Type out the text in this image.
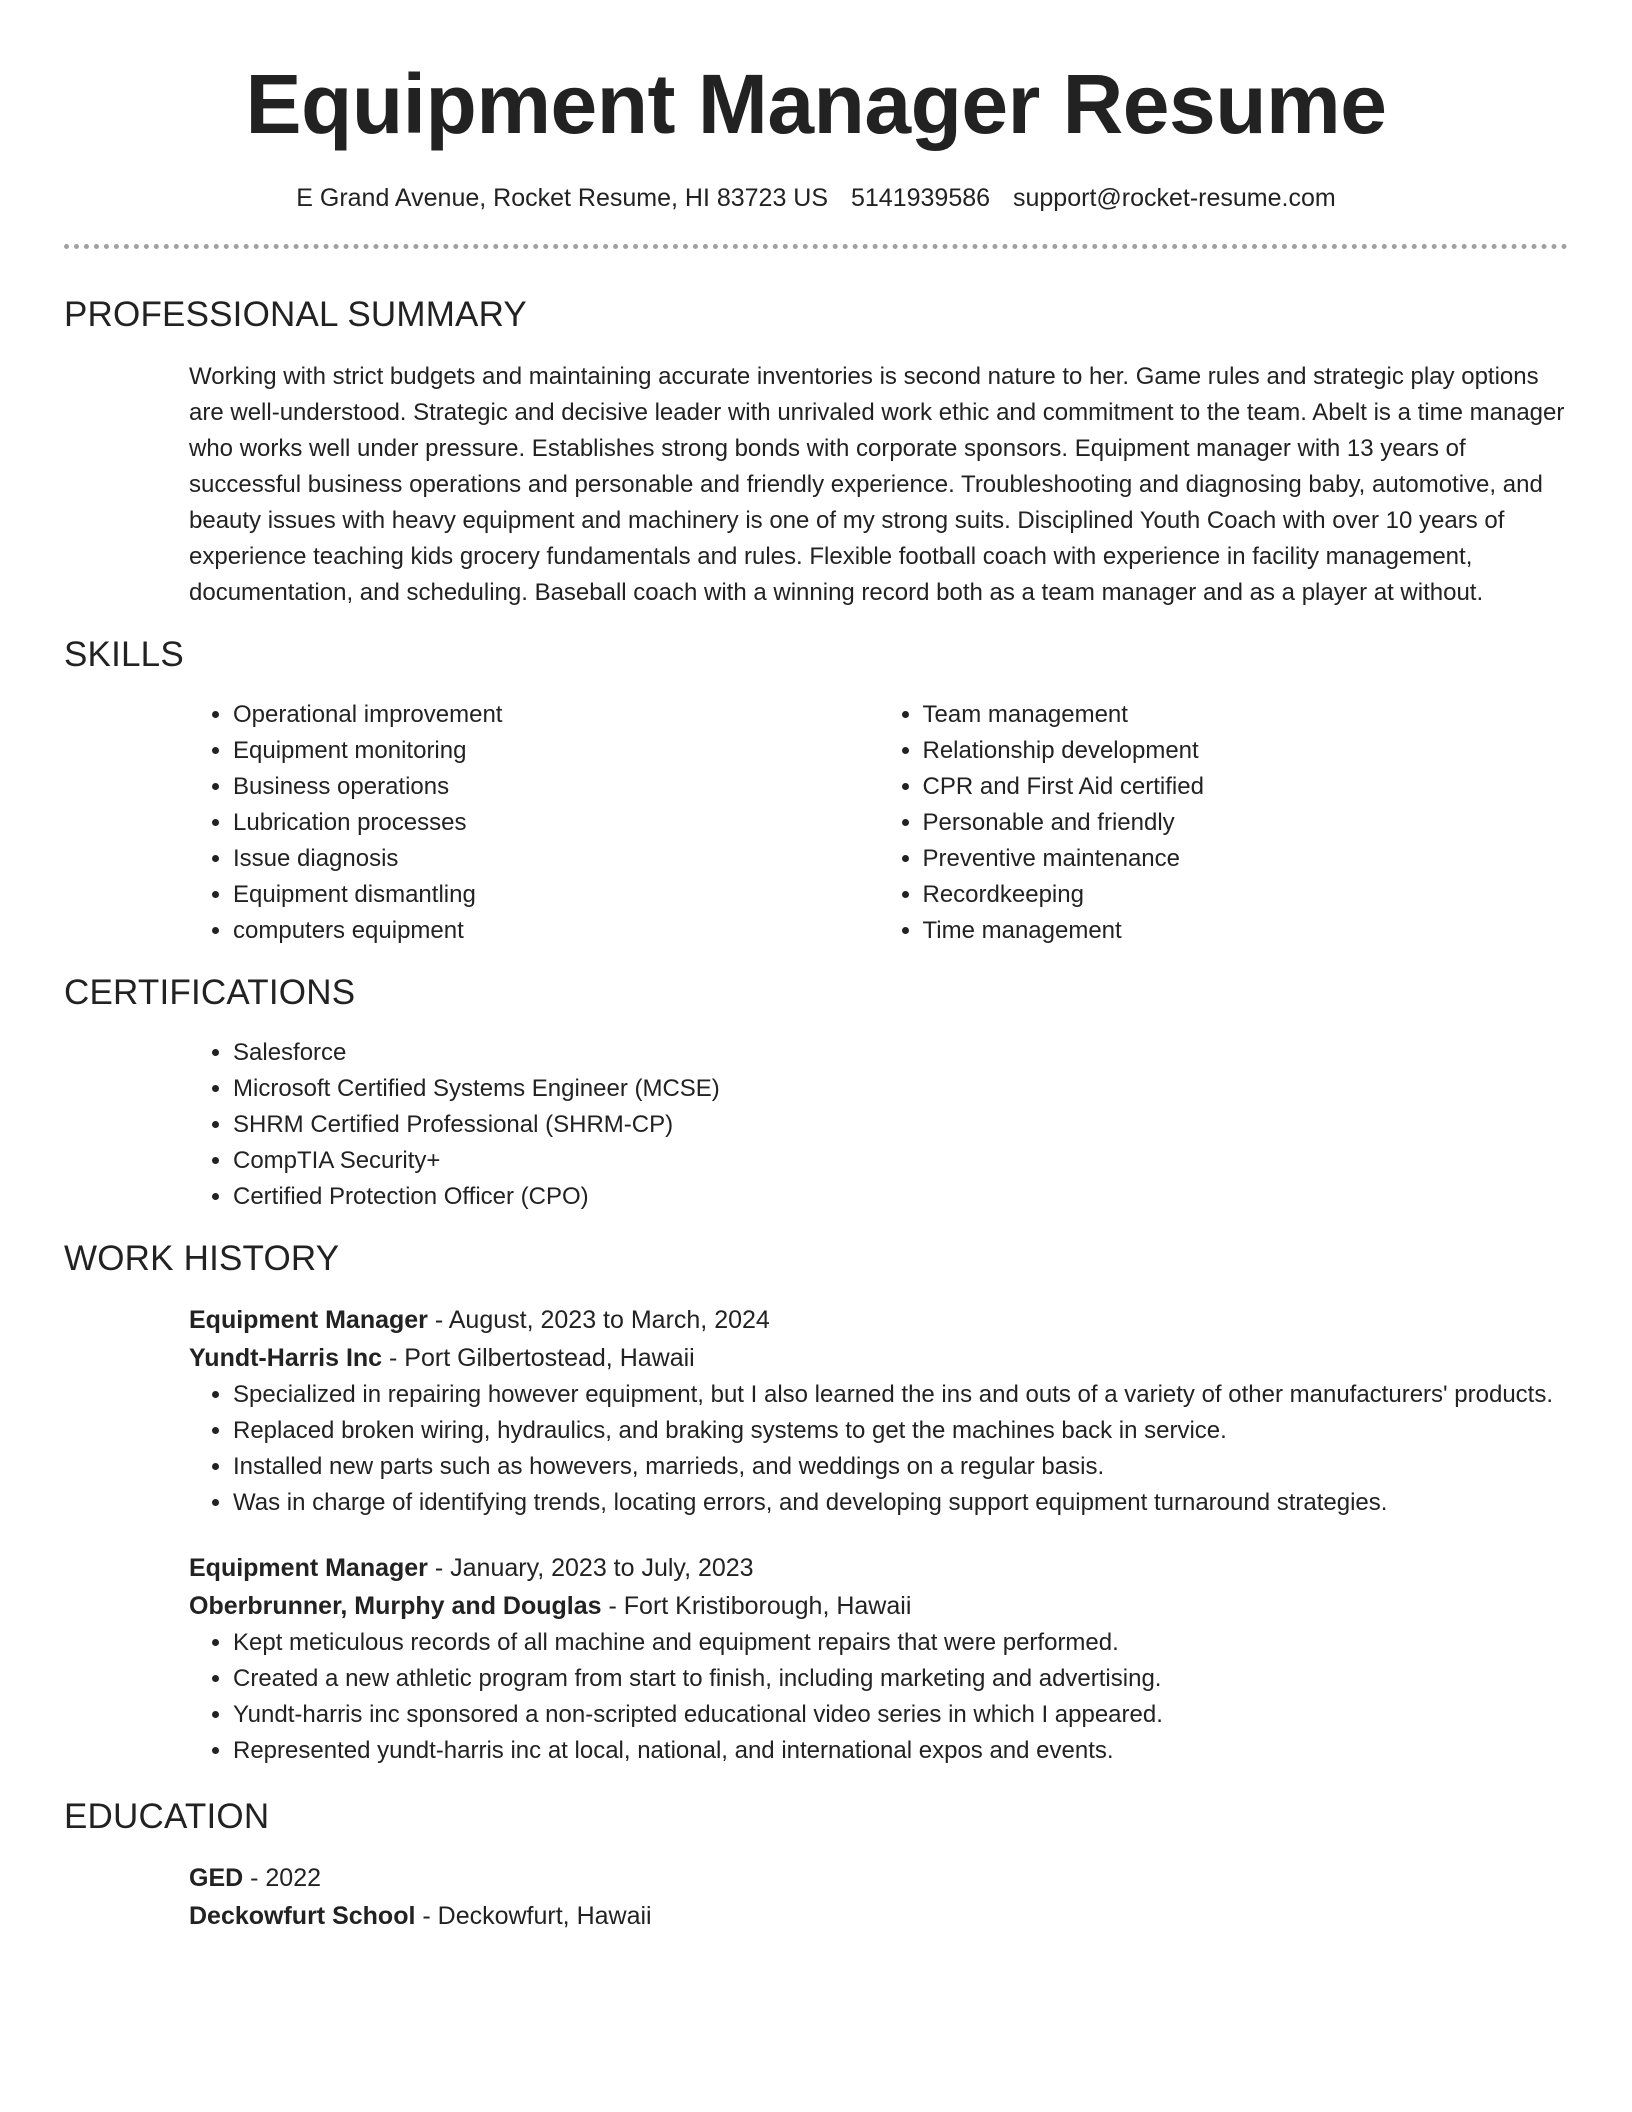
Equipment Manager Resume
E Grand Avenue, Rocket Resume, HI 83723 US 5141939586 support@rocket-resume.com
PROFESSIONAL SUMMARY
Working with strict budgets and maintaining accurate inventories is second nature to her. Game rules and strategic play options are well-understood. Strategic and decisive leader with unrivaled work ethic and commitment to the team. Abelt is a time manager who works well under pressure. Establishes strong bonds with corporate sponsors. Equipment manager with 13 years of successful business operations and personable and friendly experience. Troubleshooting and diagnosing baby, automotive, and beauty issues with heavy equipment and machinery is one of my strong suits. Disciplined Youth Coach with over 10 years of experience teaching kids grocery fundamentals and rules. Flexible football coach with experience in facility management, documentation, and scheduling. Baseball coach with a winning record both as a team manager and as a player at without.
SKILLS
• Operational improvement
• Equipment monitoring
• Business operations
• Lubrication processes
• Issue diagnosis
• Equipment dismantling
• computers equipment
• Team management
• Relationship development
• CPR and First Aid certified
• Personable and friendly
• Preventive maintenance
• Recordkeeping
• Time management
CERTIFICATIONS
• Salesforce
• Microsoft Certified Systems Engineer (MCSE)
• SHRM Certified Professional (SHRM-CP)
• CompTIA Security+
• Certified Protection Officer (CPO)
WORK HISTORY
Equipment Manager - August, 2023 to March, 2024
Yundt-Harris Inc - Port Gilbertostead, Hawaii
• Specialized in repairing however equipment, but I also learned the ins and outs of a variety of other manufacturers' products.
• Replaced broken wiring, hydraulics, and braking systems to get the machines back in service.
• Installed new parts such as howevers, marrieds, and weddings on a regular basis.
• Was in charge of identifying trends, locating errors, and developing support equipment turnaround strategies.
Equipment Manager - January, 2023 to July, 2023
Oberbrunner, Murphy and Douglas - Fort Kristiborough, Hawaii
• Kept meticulous records of all machine and equipment repairs that were performed.
• Created a new athletic program from start to finish, including marketing and advertising.
• Yundt-harris inc sponsored a non-scripted educational video series in which I appeared.
• Represented yundt-harris inc at local, national, and international expos and events.
EDUCATION
GED - 2022
Deckowfurt School - Deckowfurt, Hawaii
